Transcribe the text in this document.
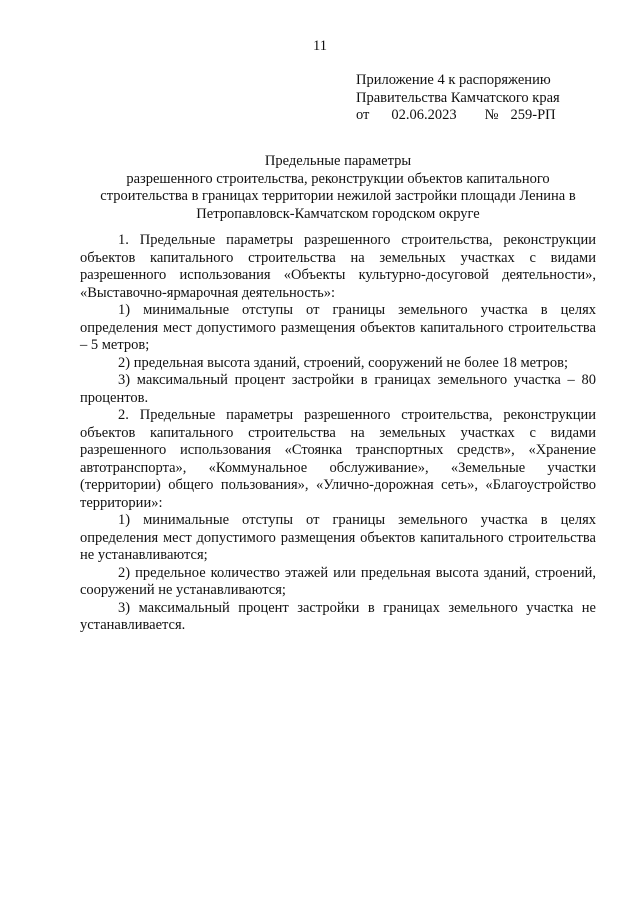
11
Приложение 4 к распоряжению
Правительства Камчатского края
от 02.06.2023 № 259-РП
Предельные параметры
разрешенного строительства, реконструкции объектов капитального
строительства в границах территории нежилой застройки площади Ленина в
Петропавловск-Камчатском городском округе

1. Предельные параметры разрешенного строительства, реконструкции объектов капитального строительства на земельных участках с видами разрешенного использования «Объекты культурно-досуговой деятельности», «Выставочно-ярмарочная деятельность»:

1) минимальные отступы от границы земельного участка в целях определения мест допустимого размещения объектов капитального строительства – 5 метров;

2) предельная высота зданий, строений, сооружений не более 18 метров;

3) максимальный процент застройки в границах земельного участка – 80 процентов.

2. Предельные параметры разрешенного строительства, реконструкции объектов капитального строительства на земельных участках с видами разрешенного использования «Стоянка транспортных средств», «Хранение автотранспорта», «Коммунальное обслуживание», «Земельные участки (территории) общего пользования», «Улично-дорожная сеть», «Благоустройство территории»:

1) минимальные отступы от границы земельного участка в целях определения мест допустимого размещения объектов капитального строительства не устанавливаются;

2) предельное количество этажей или предельная высота зданий, строений, сооружений не устанавливаются;

3) максимальный процент застройки в границах земельного участка не устанавливается.
